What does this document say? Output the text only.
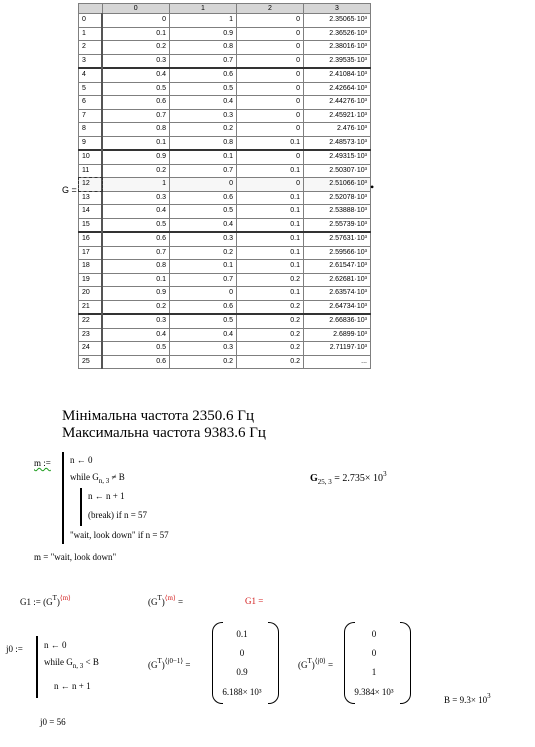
	0	1	2	3
0	0	1	0	2.35065·10³
1	0.1	0.9	0	2.36526·10³
2	0.2	0.8	0	2.38016·10³
3	0.3	0.7	0	2.39535·10³
4	0.4	0.6	0	2.41084·10³
5	0.5	0.5	0	2.42664·10³
6	0.6	0.4	0	2.44276·10³
7	0.7	0.3	0	2.45921·10³
8	0.8	0.2	0	2.476·10³
9	0.1	0.8	0.1	2.48573·10³
10	0.9	0.1	0	2.49315·10³
11	0.2	0.7	0.1	2.50307·10³
12	1	0	0	2.51066·10³
13	0.3	0.6	0.1	2.52078·10³
14	0.4	0.5	0.1	2.53888·10³
15	0.5	0.4	0.1	2.55739·10³
16	0.6	0.3	0.1	2.57631·10³
17	0.7	0.2	0.1	2.59566·10³
18	0.8	0.1	0.1	2.61547·10³
19	0.1	0.7	0.2	2.62681·10³
20	0.9	0	0.1	2.63574·10³
21	0.2	0.6	0.2	2.64734·10³
22	0.3	0.5	0.2	2.66836·10³
23	0.4	0.4	0.2	2.6899·10³
24	0.5	0.3	0.2	2.71197·10³
25	0.6	0.2	0.2	...
G =	•
Мінімальна частота 2350.6 Гц
Максимальна частота 9383.6 Гц
m := n ← 0
while $G_{n, 3} \ne B$
n ← n + 1
(break) if n = 57
"wait, look down" if n = 57
$G_{25, 3} = 2.735\times 10^3$
m = "wait, look down"
G1 := $(G^T)^{⟨m⟩}$	$(G^T)^{⟨m⟩}$ =	G1 =
j0 := n ← 0
while $G_{n, 3} < B$
n ← n + 1
$(G^T)^{⟨j0-1⟩}$ =
0.1
0
0.9
6.188× 10³
$(G^T)^{⟨j0⟩}$ =
0
0
1
9.384× 10³
$B = 9.3\times 10^3$
j0 = 56
